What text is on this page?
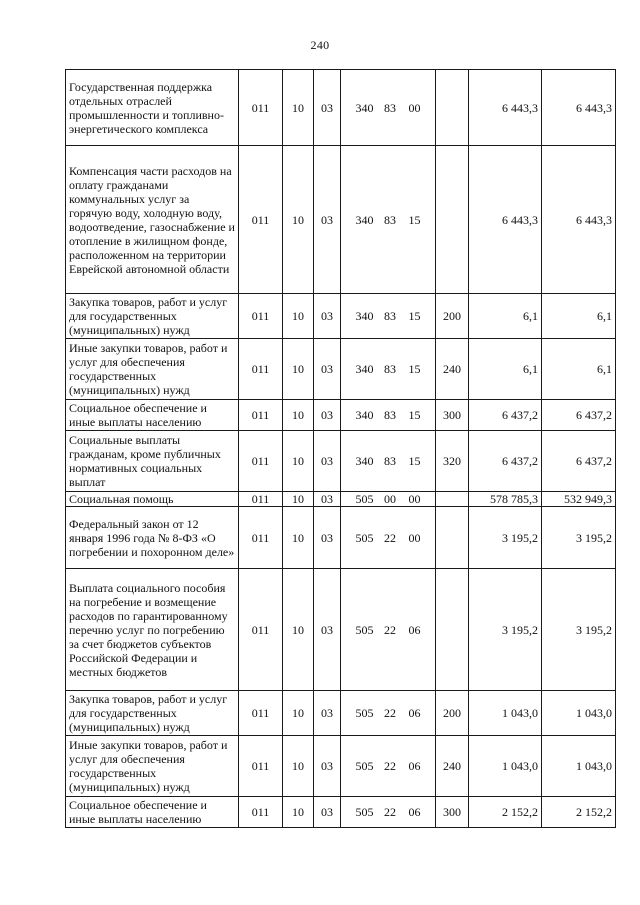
240
Государственная поддержка отдельных отраслей промышленности и топливно-энергетического комплекса	011	10	03	340	83	00		6 443,3	6 443,3
Компенсация части расходов на оплату гражданами коммунальных услуг за горячую воду, холодную воду, водоотведение, газоснабжение и отопление в жилищном фонде, расположенном на территории Еврейской автономной области	011	10	03	340	83	15		6 443,3	6 443,3
Закупка товаров, работ и услуг для государственных (муниципальных) нужд	011	10	03	340	83	15	200	6,1	6,1
Иные закупки товаров, работ и услуг для обеспечения государственных (муниципальных) нужд	011	10	03	340	83	15	240	6,1	6,1
Социальное обеспечение и иные выплаты населению	011	10	03	340	83	15	300	6 437,2	6 437,2
Социальные выплаты гражданам, кроме публичных нормативных социальных выплат	011	10	03	340	83	15	320	6 437,2	6 437,2
Социальная помощь	011	10	03	505	00	00		578 785,3	532 949,3
Федеральный закон от 12 января 1996 года № 8-ФЗ «О погребении и похоронном деле»	011	10	03	505	22	00		3 195,2	3 195,2
Выплата социального пособия на погребение и возмещение расходов по гарантированному перечню услуг по погребению за счет бюджетов субъектов Российской Федерации и местных бюджетов	011	10	03	505	22	06		3 195,2	3 195,2
Закупка товаров, работ и услуг для государственных (муниципальных) нужд	011	10	03	505	22	06	200	1 043,0	1 043,0
Иные закупки товаров, работ и услуг для обеспечения государственных (муниципальных) нужд	011	10	03	505	22	06	240	1 043,0	1 043,0
Социальное обеспечение и иные выплаты населению	011	10	03	505	22	06	300	2 152,2	2 152,2
